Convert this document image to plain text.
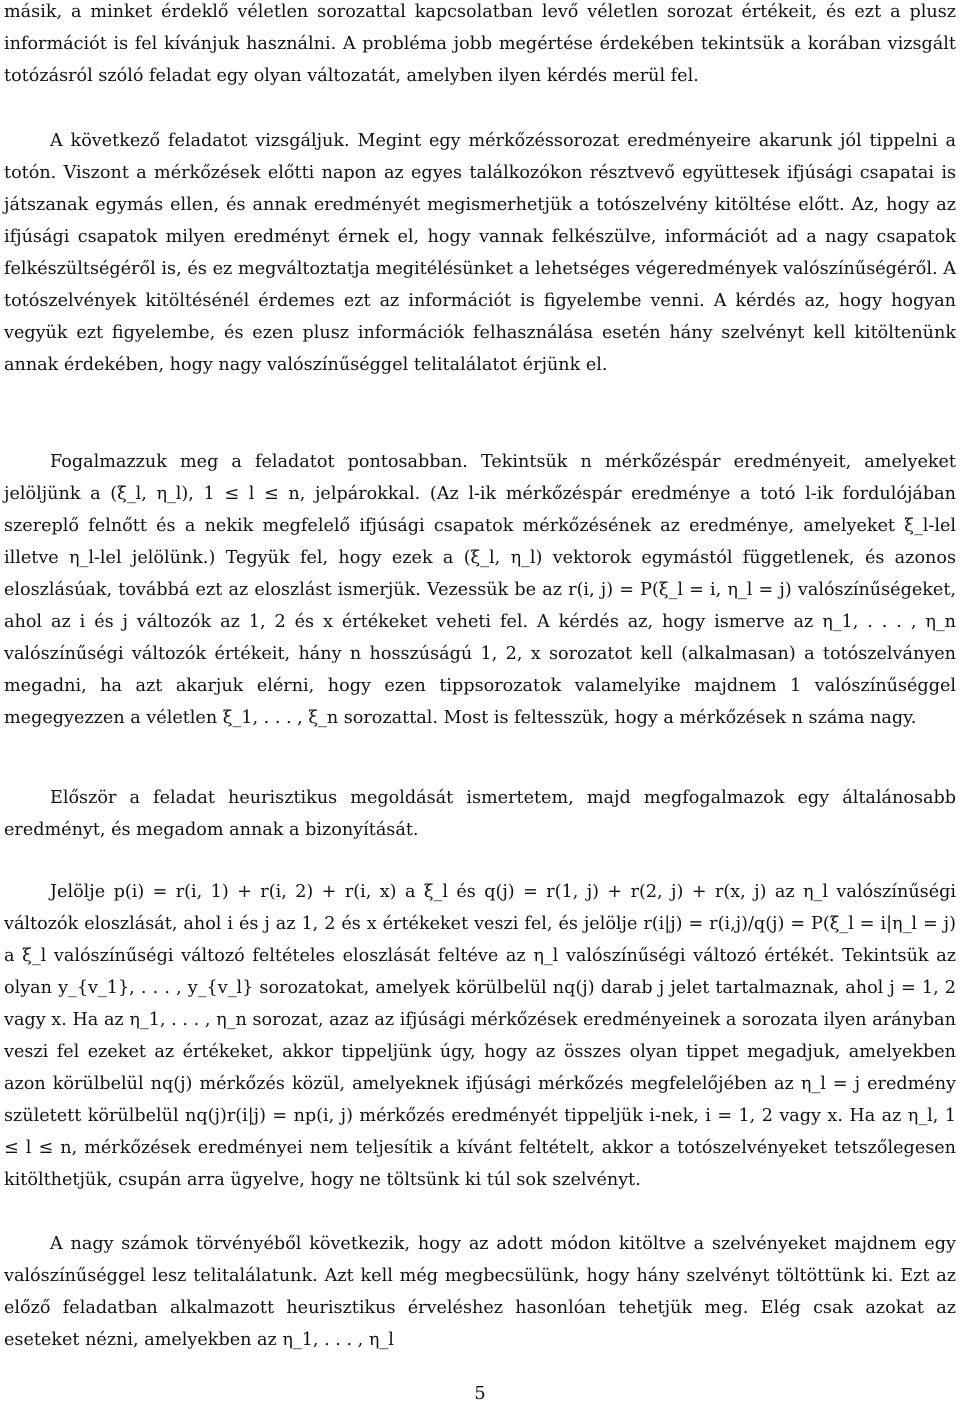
másik, a minket érdeklő véletlen sorozattal kapcsolatban levő véletlen sorozat értékeit, és ezt a plusz információt is fel kívánjuk használni. A probléma jobb megértése érdekében tekintsük a korában vizsgált totózásról szóló feladat egy olyan változatát, amelyben ilyen kérdés merül fel.

A következő feladatot vizsgáljuk. Megint egy mérkőzéssorozat eredményeire akarunk jól tippelni a totón. Viszont a mérkőzések előtti napon az egyes találkozókon résztvevő együttesek ifjúsági csapatai is játszanak egymás ellen, és annak eredményét megismerhetjük a totószelvény kitöltése előtt. Az, hogy az ifjúsági csapatok milyen eredményt érnek el, hogy vannak felkészülve, információt ad a nagy csapatok felkészültségéről is, és ez megváltoztatja megitélésünket a lehetséges végeredmények valószínűségéről. A totószelvények kitöltésénél érdemes ezt az információt is figyelembe venni. A kérdés az, hogy hogyan vegyük ezt figyelembe, és ezen plusz információk felhasználása esetén hány szelvényt kell kitöltenünk annak érdekében, hogy nagy valószínűséggel telitalálatot érjünk el.

Fogalmazzuk meg a feladatot pontosabban. Tekintsük n mérkőzéspár eredményeit, amelyeket jelöljünk a (ξ_l, η_l), 1 ≤ l ≤ n, jelpárokkal. (Az l-ik mérkőzéspár eredménye a totó l-ik fordulójában szereplő felnőtt és a nekik megfelelő ifjúsági csapatok mérkőzésének az eredménye, amelyeket ξ_l-lel illetve η_l-lel jelölünk.) Tegyük fel, hogy ezek a (ξ_l, η_l) vektorok egymástól függetlenek, és azonos eloszlásúak, továbbá ezt az eloszlást ismerjük. Vezessük be az r(i, j) = P(ξ_l = i, η_l = j) valószínűségeket, ahol az i és j változók az 1, 2 és x értékeket veheti fel. A kérdés az, hogy ismerve az η_1, . . . , η_n valószínűségi változók értékeit, hány n hosszúságú 1, 2, x sorozatot kell (alkalmasan) a totószelványen megadni, ha azt akarjuk elérni, hogy ezen tippsorozatok valamelyike majdnem 1 valószínűséggel megegyezzen a véletlen ξ_1, . . . , ξ_n sorozattal. Most is feltesszük, hogy a mérkőzések n száma nagy.

Először a feladat heurisztikus megoldását ismertetem, majd megfogalmazok egy általánosabb eredményt, és megadom annak a bizonyítását.

Jelölje p(i) = r(i, 1) + r(i, 2) + r(i, x) a ξ_l és q(j) = r(1, j) + r(2, j) + r(x, j) az η_l valószínűségi változók eloszlását, ahol i és j az 1, 2 és x értékeket veszi fel, és jelölje r(i|j) = r(i,j)/q(j) = P(ξ_l = i|η_l = j) a ξ_l valószínűségi változó feltételes eloszlását feltéve az η_l valószínűségi változó értékét. Tekintsük az olyan y_{v_1}, . . . , y_{v_l} sorozatokat, amelyek körülbelül nq(j) darab j jelet tartalmaznak, ahol j = 1, 2 vagy x. Ha az η_1, . . . , η_n sorozat, azaz az ifjúsági mérkőzések eredményeinek a sorozata ilyen arányban veszi fel ezeket az értékeket, akkor tippeljünk úgy, hogy az összes olyan tippet megadjuk, amelyekben azon körülbelül nq(j) mérkőzés közül, amelyeknek ifjúsági mérkőzés megfelelőjében az η_l = j eredmény született körülbelül nq(j)r(i|j) = np(i, j) mérkőzés eredményét tippeljük i-nek, i = 1, 2 vagy x. Ha az η_l, 1 ≤ l ≤ n, mérkőzések eredményei nem teljesítik a kívánt feltételt, akkor a totószelvényeket tetszőlegesen kitölthetjük, csupán arra ügyelve, hogy ne töltsünk ki túl sok szelvényt.

A nagy számok törvényéből következik, hogy az adott módon kitöltve a szelvényeket majdnem egy valószínűséggel lesz telitalálatunk. Azt kell még megbecsülünk, hogy hány szelvényt töltöttünk ki. Ezt az előző feladatban alkalmazott heurisztikus érveléshez hasonlóan tehetjük meg. Elég csak azokat az eseteket nézni, amelyekben az η_1, . . . , η_l

5
